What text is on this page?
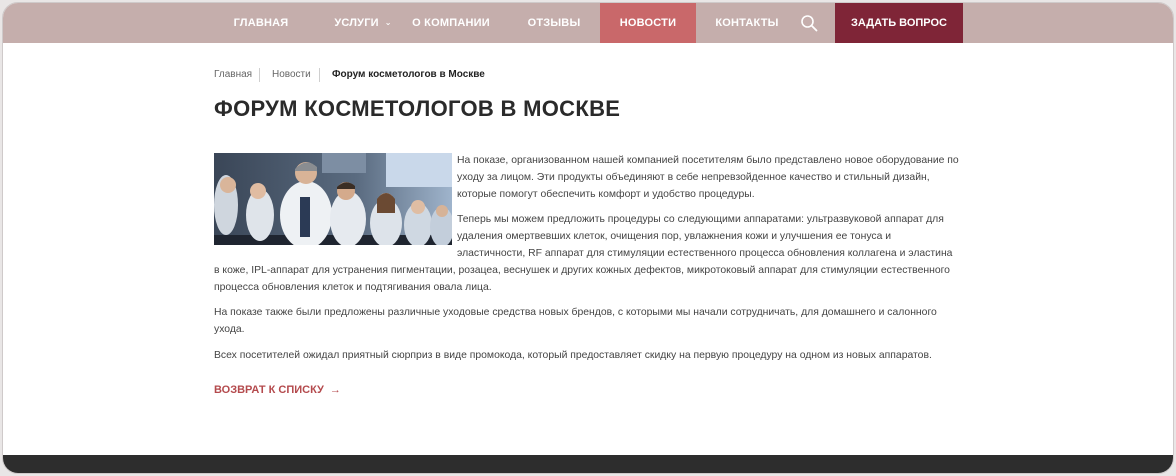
ГЛАВНАЯ	УСЛУГИ ⌄	О КОМПАНИИ	ОТЗЫВЫ	НОВОСТИ	КОНТАКТЫ	ЗАДАТЬ ВОПРОС
Главная Новости Форум косметологов в Москве
ФОРУМ КОСМЕТОЛОГОВ В МОСКВЕ

На показе, организованном нашей компанией посетителям было представлено новое оборудование по уходу за лицом. Эти продукты объединяют в себе непревзойденное качество и стильный дизайн, которые помогут обеспечить комфорт и удобство процедуры.

Теперь мы можем предложить процедуры со следующими аппаратами: ультразвуковой аппарат для удаления омертвевших клеток, очищения пор, увлажнения кожи и улучшения ее тонуса и эластичности, RF аппарат для стимуляции естественного процесса обновления коллагена и эластина в коже, IPL-аппарат для устранения пигментации, розацеа, веснушек и других кожных дефектов, микротоковый аппарат для стимуляции естественного процесса обновления клеток и подтягивания овала лица.

На показе также были предложены различные уходовые средства новых брендов, с которыми мы начали сотрудничать, для домашнего и салонного ухода.

Всех посетителей ожидал приятный сюрприз в виде промокода, который предоставляет скидку на первую процедуру на одном из новых аппаратов.

ВОЗВРАТ К СПИСКУ →
